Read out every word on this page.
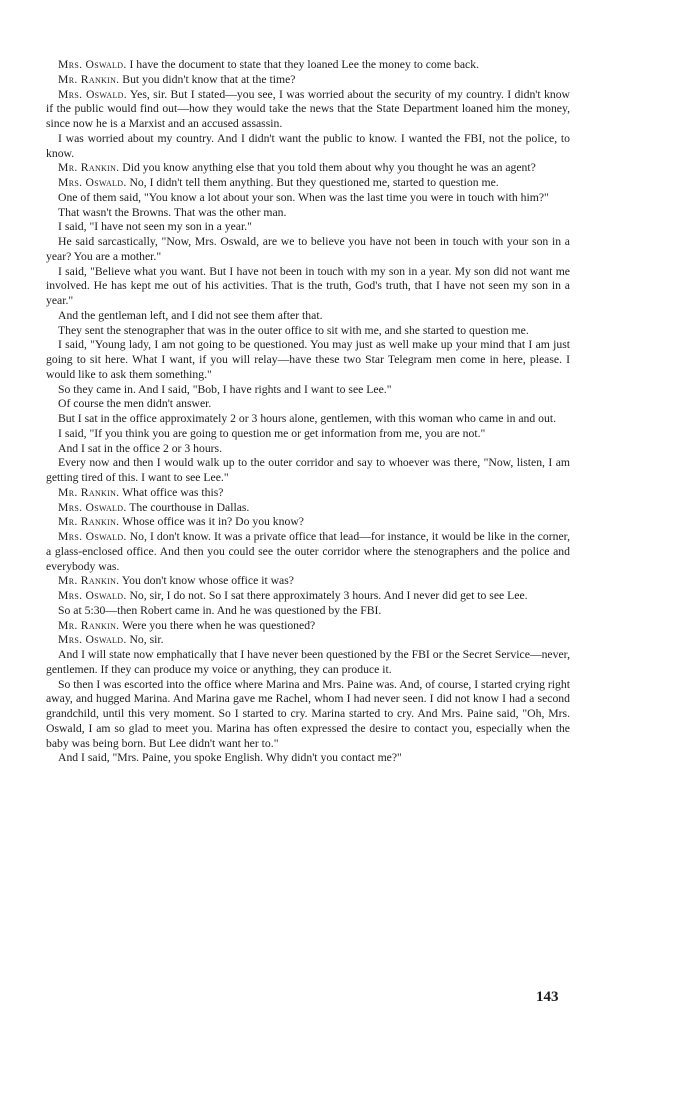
Mrs. Oswald. I have the document to state that they loaned Lee the money to come back.

Mr. Rankin. But you didn't know that at the time?

Mrs. Oswald. Yes, sir. But I stated—you see, I was worried about the security of my country. I didn't know if the public would find out—how they would take the news that the State Department loaned him the money, since now he is a Marxist and an accused assassin.

I was worried about my country. And I didn't want the public to know. I wanted the FBI, not the police, to know.

Mr. Rankin. Did you know anything else that you told them about why you thought he was an agent?

Mrs. Oswald. No, I didn't tell them anything. But they questioned me, started to question me.

One of them said, "You know a lot about your son. When was the last time you were in touch with him?"

That wasn't the Browns. That was the other man.

I said, "I have not seen my son in a year."

He said sarcastically, "Now, Mrs. Oswald, are we to believe you have not been in touch with your son in a year? You are a mother."

I said, "Believe what you want. But I have not been in touch with my son in a year. My son did not want me involved. He has kept me out of his activities. That is the truth, God's truth, that I have not seen my son in a year."

And the gentleman left, and I did not see them after that.

They sent the stenographer that was in the outer office to sit with me, and she started to question me.

I said, "Young lady, I am not going to be questioned. You may just as well make up your mind that I am just going to sit here. What I want, if you will relay—have these two Star Telegram men come in here, please. I would like to ask them something."

So they came in. And I said, "Bob, I have rights and I want to see Lee."

Of course the men didn't answer.

But I sat in the office approximately 2 or 3 hours alone, gentlemen, with this woman who came in and out.

I said, "If you think you are going to question me or get information from me, you are not."

And I sat in the office 2 or 3 hours.

Every now and then I would walk up to the outer corridor and say to whoever was there, "Now, listen, I am getting tired of this. I want to see Lee."

Mr. Rankin. What office was this?

Mrs. Oswald. The courthouse in Dallas.

Mr. Rankin. Whose office was it in? Do you know?

Mrs. Oswald. No, I don't know. It was a private office that lead—for instance, it would be like in the corner, a glass-enclosed office. And then you could see the outer corridor where the stenographers and the police and everybody was.

Mr. Rankin. You don't know whose office it was?

Mrs. Oswald. No, sir, I do not. So I sat there approximately 3 hours. And I never did get to see Lee.

So at 5:30—then Robert came in. And he was questioned by the FBI.

Mr. Rankin. Were you there when he was questioned?

Mrs. Oswald. No, sir.

And I will state now emphatically that I have never been questioned by the FBI or the Secret Service—never, gentlemen. If they can produce my voice or anything, they can produce it.

So then I was escorted into the office where Marina and Mrs. Paine was. And, of course, I started crying right away, and hugged Marina. And Marina gave me Rachel, whom I had never seen. I did not know I had a second grandchild, until this very moment. So I started to cry. Marina started to cry. And Mrs. Paine said, "Oh, Mrs. Oswald, I am so glad to meet you. Marina has often expressed the desire to contact you, especially when the baby was being born. But Lee didn't want her to."

And I said, "Mrs. Paine, you spoke English. Why didn't you contact me?"

143
